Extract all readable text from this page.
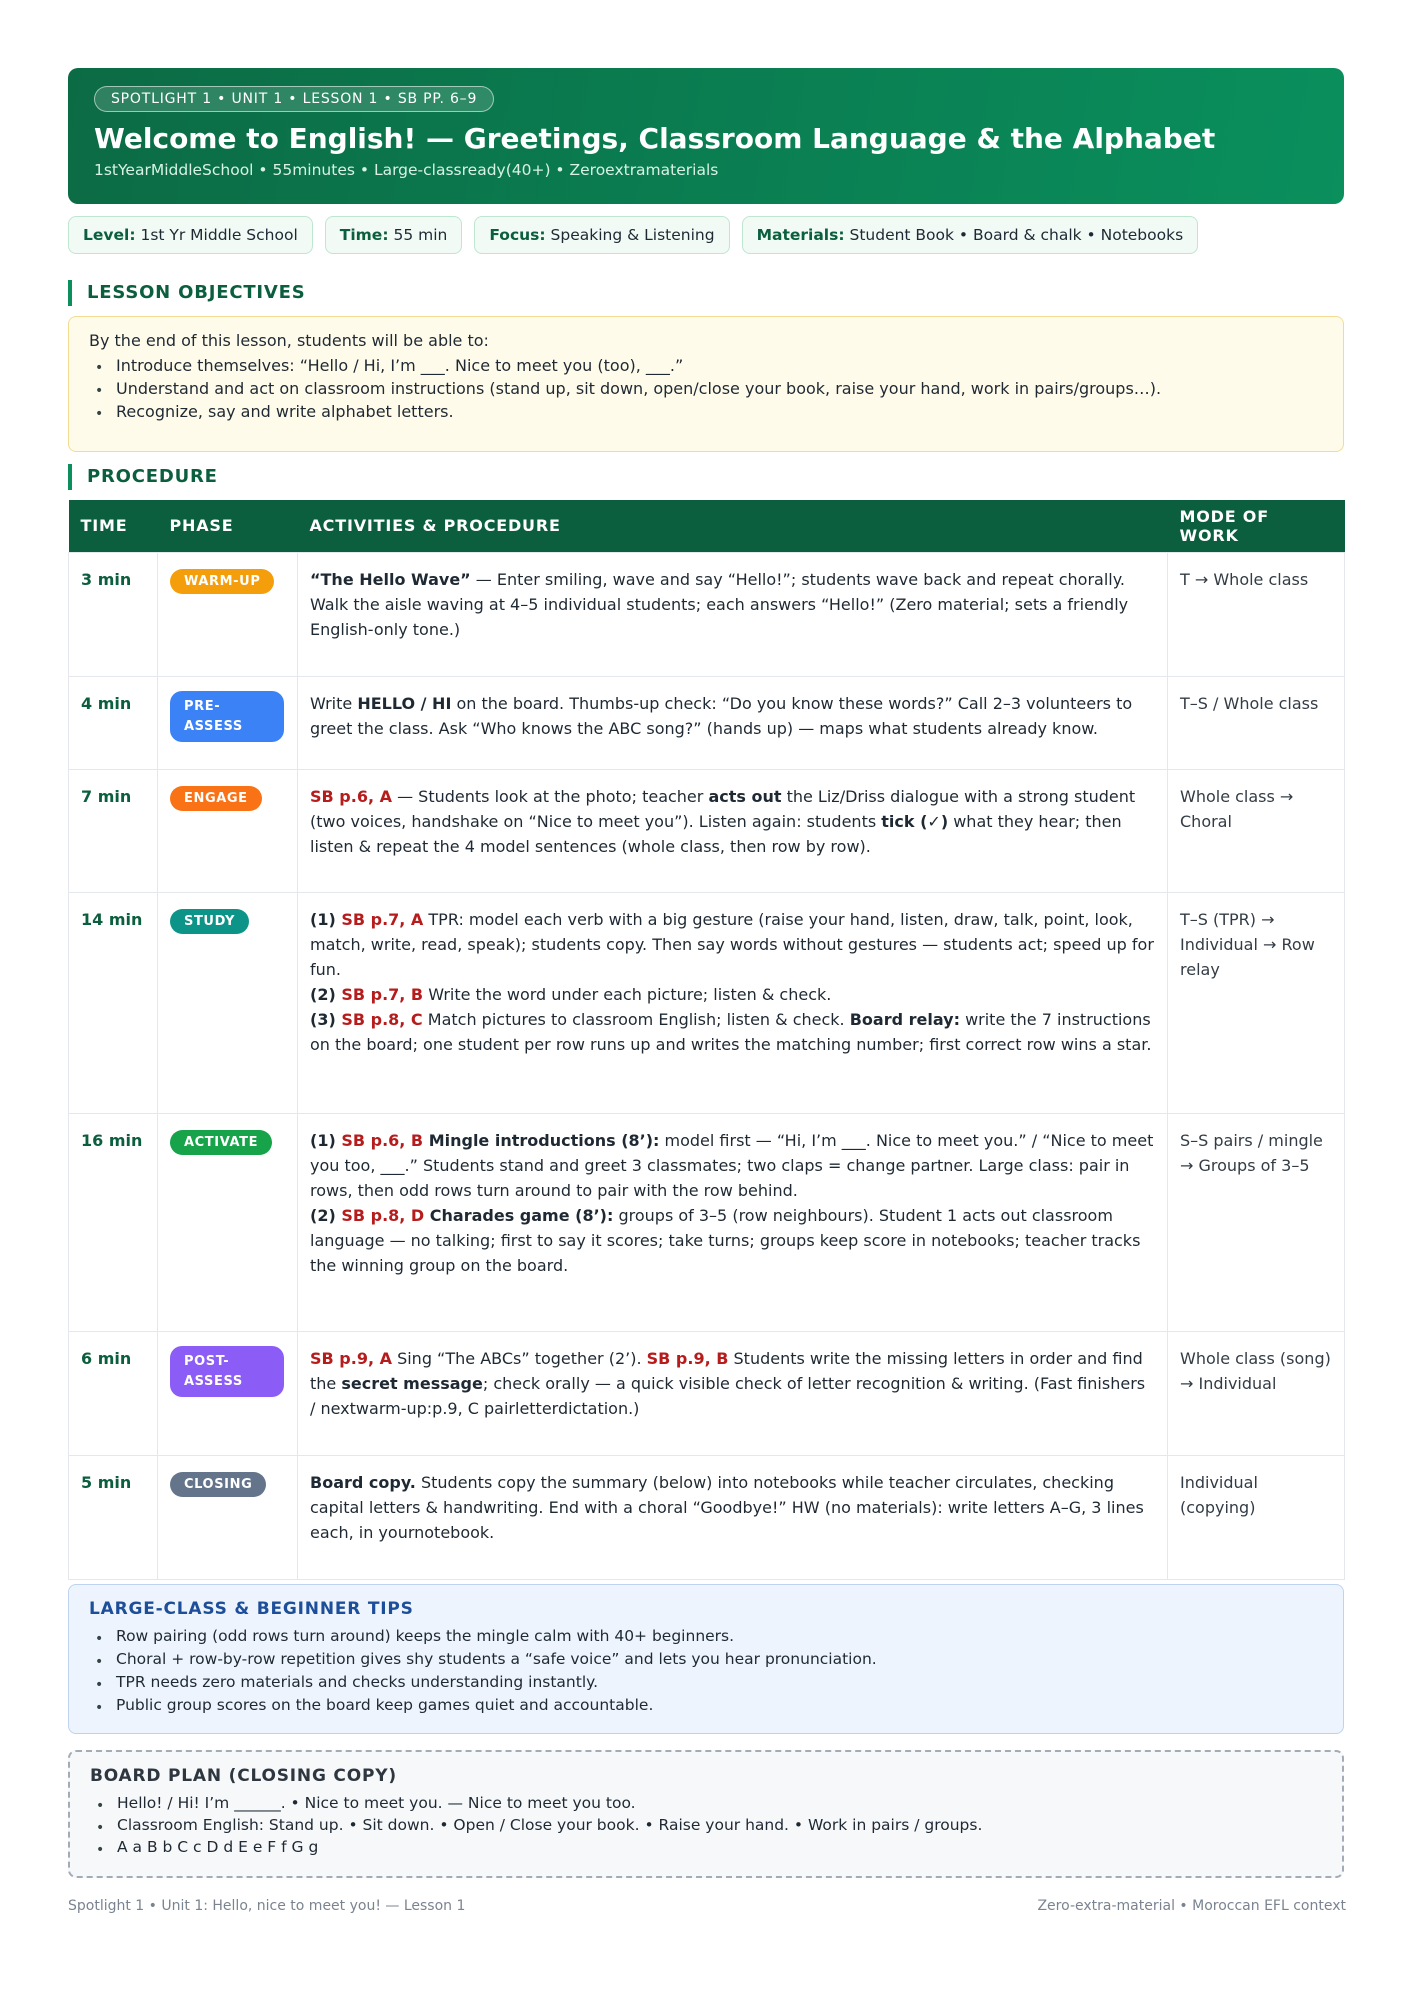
SPOTLIGHT 1 • UNIT 1 • LESSON 1 • SB PP. 6–9
Welcome to English! — Greetings, Classroom Language & the Alphabet
1stYearMiddleSchool • 55minutes • Large-classready(40+) • Zeroextramaterials
Level: 1st Yr Middle School	Time: 55 min	Focus: Speaking & Listening	Materials: Student Book • Board & chalk • Notebooks
LESSON OBJECTIVES
By the end of this lesson, students will be able to:
• Introduce themselves: “Hello / Hi, I’m ___. Nice to meet you (too), ___.”
• Understand and act on classroom instructions (stand up, sit down, open/close your book, raise your hand, work in pairs/groups…).
• Recognize, say and write alphabet letters.
PROCEDURE
TIME	PHASE	ACTIVITIES & PROCEDURE	MODE OF WORK
3 min	WARM-UP	“The Hello Wave” — Enter smiling, wave and say “Hello!”; students wave back and repeat chorally. Walk the aisle waving at 4–5 individual students; each answers “Hello!” (Zero material; sets a friendly English-only tone.)	T → Whole class
4 min	PRE-ASSESS	Write HELLO / HI on the board. Thumbs-up check: “Do you know these words?” Call 2–3 volunteers to greet the class. Ask “Who knows the ABC song?” (hands up) — maps what students already know.	T–S / Whole class
7 min	ENGAGE	SB p.6, A — Students look at the photo; teacher acts out the Liz/Driss dialogue with a strong student (two voices, handshake on “Nice to meet you”). Listen again: students tick (✓) what they hear; then listen & repeat the 4 model sentences (whole class, then row by row).	Whole class → Choral
14 min	STUDY	(1) SB p.7, A TPR: model each verb with a big gesture (raise your hand, listen, draw, talk, point, look, match, write, read, speak); students copy. Then say words without gestures — students act; speed up for fun.
(2) SB p.7, B Write the word under each picture; listen & check.
(3) SB p.8, C Match pictures to classroom English; listen & check. Board relay: write the 7 instructions on the board; one student per row runs up and writes the matching number; first correct row wins a star.	T–S (TPR) → Individual → Row relay
16 min	ACTIVATE	(1) SB p.6, B Mingle introductions (8’): model first — “Hi, I’m ___. Nice to meet you.” / “Nice to meet you too, ___.” Students stand and greet 3 classmates; two claps = change partner. Large class: pair in rows, then odd rows turn around to pair with the row behind.
(2) SB p.8, D Charades game (8’): groups of 3–5 (row neighbours). Student 1 acts out classroom language — no talking; first to say it scores; take turns; groups keep score in notebooks; teacher tracks the winning group on the board.	S–S pairs / mingle → Groups of 3–5
6 min	POST-ASSESS	SB p.9, A Sing “The ABCs” together (2’). SB p.9, B Students write the missing letters in order and find the secret message; check orally — a quick visible check of letter recognition & writing. (Fast finishers / nextwarm-up:p.9, C pairletterdictation.)	Whole class (song) → Individual
5 min	CLOSING	Board copy. Students copy the summary (below) into notebooks while teacher circulates, checking capital letters & handwriting. End with a choral “Goodbye!” HW (no materials): write letters A–G, 3 lines each, in yournotebook.	Individual (copying)
LARGE-CLASS & BEGINNER TIPS
• Row pairing (odd rows turn around) keeps the mingle calm with 40+ beginners.
• Choral + row-by-row repetition gives shy students a “safe voice” and lets you hear pronunciation.
• TPR needs zero materials and checks understanding instantly.
• Public group scores on the board keep games quiet and accountable.
BOARD PLAN (CLOSING COPY)
• Hello! / Hi! I’m ______. • Nice to meet you. — Nice to meet you too.
• Classroom English: Stand up. • Sit down. • Open / Close your book. • Raise your hand. • Work in pairs / groups.
• A a B b C c D d E e F f G g
Spotlight 1 • Unit 1: Hello, nice to meet you! — Lesson 1	Zero-extra-material • Moroccan EFL context
